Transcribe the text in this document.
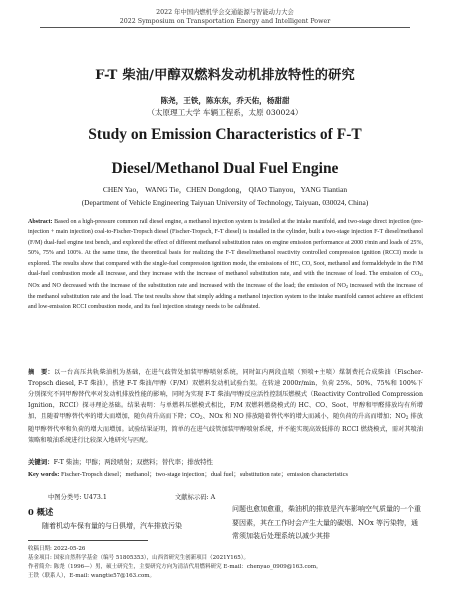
2022 年中国内燃机学会交通能源与智能动力大会
2022 Symposium on Transportation Energy and Intelligent Power
F-T 柴油/甲醇双燃料发动机排放特性的研究
陈尧，王铁，陈东东，乔天佑，杨甜甜
（太原理工大学 车辆工程系，太原 030024）
Study on Emission Characteristics of F-T
Diesel/Methanol Dual Fuel Engine
CHEN Yao， WANG Tie，CHEN Dongdong， QIAO Tianyou，YANG Tiantian
(Department of Vehicle Engineering Taiyuan University of Technology, Taiyuan, 030024, China)
Abstract: Based on a high-pressure common rail diesel engine, a methanol injection system is installed at the intake manifold, and two-stage direct injection (pre-injection + main injection) coal-to-Fischer-Tropsch diesel (Fischer-Tropsch, F-T diesel) is installed in the cylinder, built a two-stage injection F-T diesel/methanol (F/M) dual-fuel engine test bench, and explored the effect of different methanol substitution rates on engine emission performance at 2000 r/min and loads of 25%, 50%, 75% and 100%. At the same time, the theoretical basis for realizing the F-T diesel/methanol reactivity controlled compression ignition (RCCI) mode is explored. The results show that compared with the single-fuel compression ignition mode, the emissions of HC, CO, Soot, methanol and formaldehyde in the F/M dual-fuel combustion mode all increase, and they increase with the increase of methanol substitution rate, and with the increase of load. The emission of CO2, NOx and NO decreased with the increase of the substitution rate and increased with the increase of the load; the emission of NO2 increased with the increase of the methanol substitution rate and the load. The test results show that simply adding a methanol injection system to the intake manifold cannot achieve an efficient and low-emission RCCI combustion mode, and its fuel injection strategy needs to be calibrated.
摘　要：以一台高压共轨柴油机为基础，在进气歧管处加装甲醇喷射系统，同时缸内两段直喷（预喷+主喷）煤制费托合成柴油（Fischer-Tropsch diesel, F-T 柴油），搭建 F-T 柴油/甲醇（F/M）双燃料发动机试验台架。在转速 2000r/min，负荷 25%、50%、75%和 100%下分别探究不同甲醇替代率对发动机排放性能的影响，同时为实现 F-T 柴油/甲醇反应活性控制压燃模式（Reactivity Controlled Compression Ignition，RCCI）探寻理论基础。结果表明：与单燃料压燃模式相比，F/M 双燃料燃烧模式的 HC、CO、Soot、甲醇和甲醛排放均有所增加，且随着甲醇替代率的增大而增加，随负荷升高而下降；$CO_2$、NOx 和 NO 排放随着替代率的增大而减小，随负荷的升高而增加；$NO_2$ 排放随甲醇替代率和负荷的增大而增加。试验结果证明，简单的在进气歧管加装甲醇喷射系统，并不能实现高效低排的 RCCI 燃烧模式，需对其喷油策略和喷油系统进行比较深入地研究与匹配。
关键词：F-T 柴油；甲醇；两段喷射；双燃料；替代率；排放特性
Key words: Fischer-Tropsch diesel；methanol；two-stage injection；dual fuel；substitution rate；emission characteristics
中图分类号: U473.1	文献标示码: A
0 概述
随着机动车保有量的与日俱增，汽车排放污染
问题也愈加愈重，柴油机的排放是汽车影响空气质量的一个重要因素，其在工作时会产生大量的碳烟、NOx 等污染物，通常须加装后处理系统以减少其排
收稿日期: 2022-05-26
基金项目: 国家自然科学基金（编号 51805353），山西省研究生创新项目（2021Y165）。
作者简介: 陈尧（1996—）男，硕士研究生，主要研究方向为清洁代用燃料研究 E-mail：chenyao_0909@163.com。
王铁（联系人），E-mail: wangtie57@163.com。
